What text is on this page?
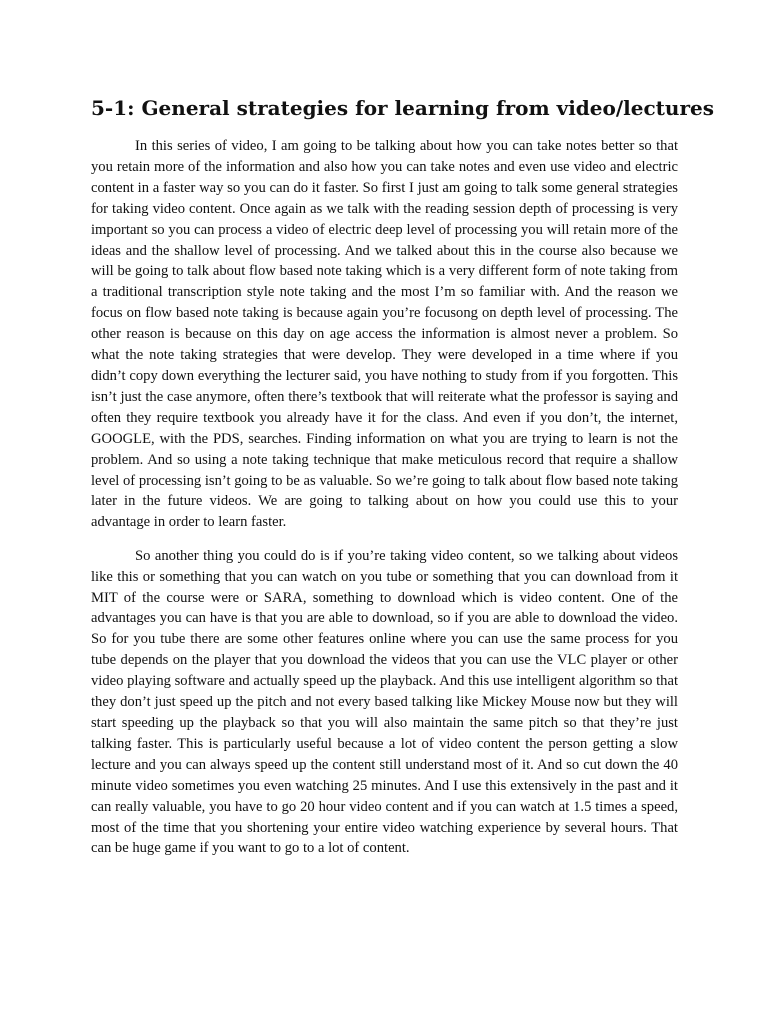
5-1: General strategies for learning from video/lectures

In this series of video, I am going to be talking about how you can take notes better so that you retain more of the information and also how you can take notes and even use video and electric content in a faster way so you can do it faster. So first I just am going to talk some general strategies for taking video content. Once again as we talk with the reading session depth of processing is very important so you can process a video of electric deep level of processing you will retain more of the ideas and the shallow level of processing. And we talked about this in the course also because we will be going to talk about flow based note taking which is a very different form of note taking from a traditional transcription style note taking and the most I’m so familiar with. And the reason we focus on flow based note taking is because again you’re focusong on depth level of processing. The other reason is because on this day on age access the information is almost never a problem. So what the note taking strategies that were develop. They were developed in a time where if you didn’t copy down everything the lecturer said, you have nothing to study from if you forgotten. This isn’t just the case anymore, often there’s textbook that will reiterate what the professor is saying and often they require textbook you already have it for the class. And even if you don’t, the internet, GOOGLE, with the PDS, searches. Finding information on what you are trying to learn is not the problem. And so using a note taking technique that make meticulous record that require a shallow level of processing isn’t going to be as valuable. So we’re going to talk about flow based note taking later in the future videos. We are going to talking about on how you could use this to your advantage in order to learn faster.

So another thing you could do is if you’re taking video content, so we talking about videos like this or something that you can watch on you tube or something that you can download from it MIT of the course were or SARA, something to download which is video content. One of the advantages you can have is that you are able to download, so if you are able to download the video. So for you tube there are some other features online where you can use the same process for you tube depends on the player that you download the videos that you can use the VLC player or other video playing software and actually speed up the playback. And this use intelligent algorithm so that they don’t just speed up the pitch and not every based talking like Mickey Mouse now but they will start speeding up the playback so that you will also maintain the same pitch so that they’re just talking faster. This is particularly useful because a lot of video content the person getting a slow lecture and you can always speed up the content still understand most of it. And so cut down the 40 minute video sometimes you even watching 25 minutes. And I use this extensively in the past and it can really valuable, you have to go 20 hour video content and if you can watch at 1.5 times a speed, most of the time that you shortening your entire video watching experience by several hours. That can be huge game if you want to go to a lot of content.
